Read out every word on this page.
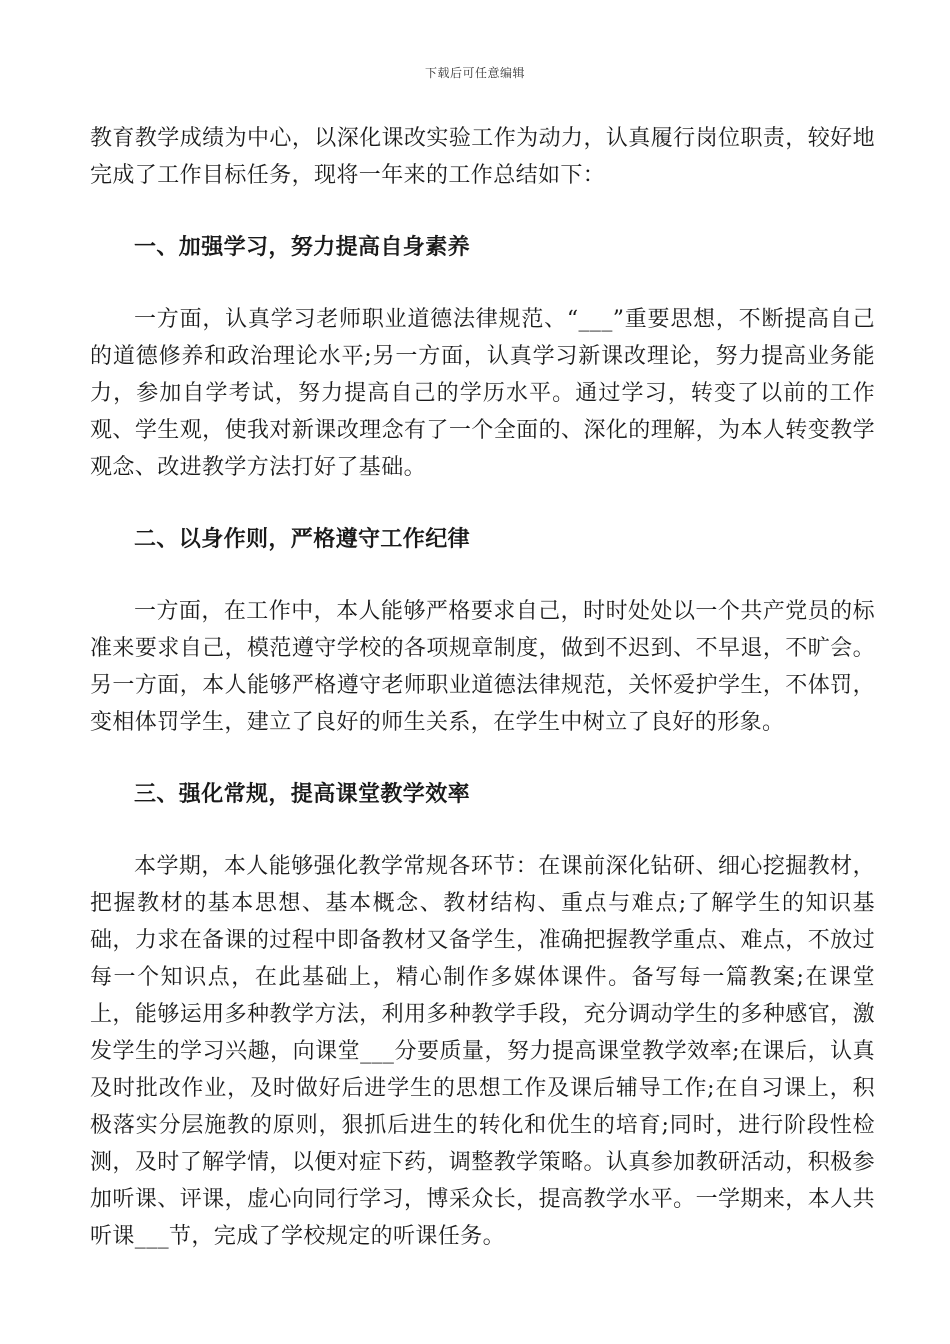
下载后可任意编辑

教育教学成绩为中心，以深化课改实验工作为动力，认真履行岗位职责，较好地完成了工作目标任务，现将一年来的工作总结如下：

一、加强学习，努力提高自身素养

一方面，认真学习老师职业道德法律规范、“___”重要思想，不断提高自己的道德修养和政治理论水平;另一方面，认真学习新课改理论，努力提高业务能力，参加自学考试，努力提高自己的学历水平。通过学习，转变了以前的工作观、学生观，使我对新课改理念有了一个全面的、深化的理解，为本人转变教学观念、改进教学方法打好了基础。

二、以身作则，严格遵守工作纪律

一方面，在工作中，本人能够严格要求自己，时时处处以一个共产党员的标准来要求自己，模范遵守学校的各项规章制度，做到不迟到、不早退，不旷会。另一方面，本人能够严格遵守老师职业道德法律规范，关怀爱护学生，不体罚，变相体罚学生，建立了良好的师生关系，在学生中树立了良好的形象。

三、强化常规，提高课堂教学效率

本学期，本人能够强化教学常规各环节：在课前深化钻研、细心挖掘教材，把握教材的基本思想、基本概念、教材结构、重点与难点;了解学生的知识基础，力求在备课的过程中即备教材又备学生，准确把握教学重点、难点，不放过每一个知识点，在此基础上，精心制作多媒体课件。备写每一篇教案;在课堂上，能够运用多种教学方法，利用多种教学手段，充分调动学生的多种感官，激发学生的学习兴趣，向课堂___分要质量，努力提高课堂教学效率;在课后，认真及时批改作业，及时做好后进学生的思想工作及课后辅导工作;在自习课上，积极落实分层施教的原则，狠抓后进生的转化和优生的培育;同时，进行阶段性检测，及时了解学情，以便对症下药，调整教学策略。认真参加教研活动，积极参加听课、评课，虚心向同行学习，博采众长，提高教学水平。一学期来，本人共听课___节，完成了学校规定的听课任务。
